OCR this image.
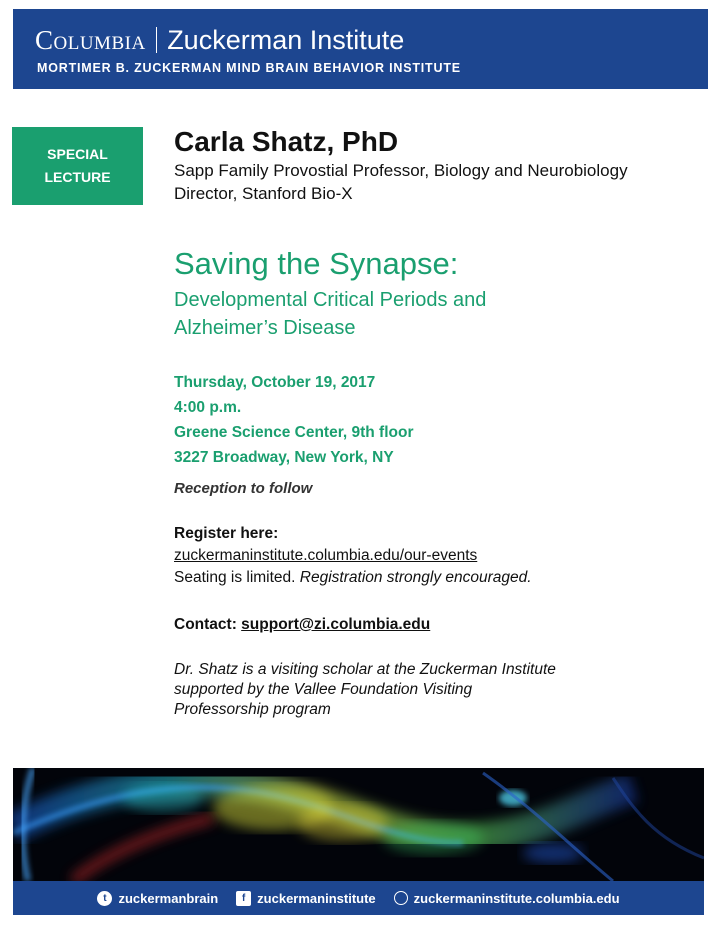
Columbia Zuckerman Institute
MORTIMER B. ZUCKERMAN MIND BRAIN BEHAVIOR INSTITUTE
SPECIAL
LECTURE
Carla Shatz, PhD
Sapp Family Provostial Professor, Biology and Neurobiology
Director, Stanford Bio-X
Saving the Synapse:
Developmental Critical Periods and
Alzheimer’s Disease
Thursday, October 19, 2017
4:00 p.m.
Greene Science Center, 9th floor
3227 Broadway, New York, NY
Reception to follow
Register here:
zuckermaninstitute.columbia.edu/our-events
Seating is limited. Registration strongly encouraged.
Contact: support@zi.columbia.edu
Dr. Shatz is a visiting scholar at the Zuckerman Institute
supported by the Vallee Foundation Visiting
Professorship program
t zuckermanbrain	f zuckermaninstitute	zuckermaninstitute.columbia.edu
